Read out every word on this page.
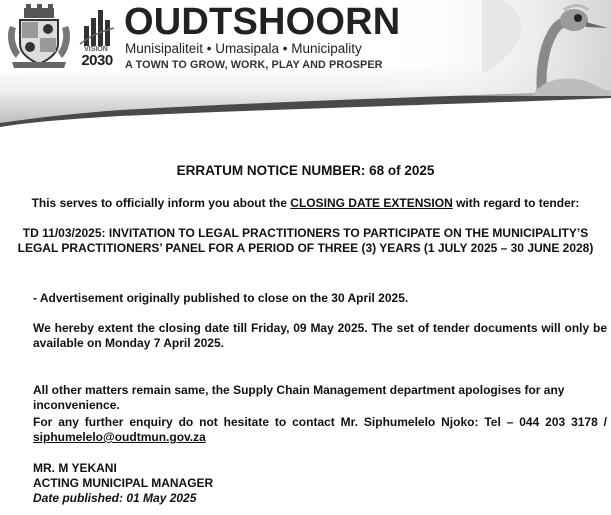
VISION
2030
OUDTSHOORN
Munisipaliteit • Umasipala • Municipality
A TOWN TO GROW, WORK, PLAY AND PROSPER

ERRATUM NOTICE NUMBER: 68 of 2025

This serves to officially inform you about the CLOSING DATE EXTENSION with regard to tender:

TD 11/03/2025: INVITATION TO LEGAL PRACTITIONERS TO PARTICIPATE ON THE MUNICIPALITY’S
LEGAL PRACTITIONERS’ PANEL FOR A PERIOD OF THREE (3) YEARS (1 JULY 2025 – 30 JUNE 2028)

- Advertisement originally published to close on the 30 April 2025.

We hereby extent the closing date till Friday, 09 May 2025. The set of tender documents will only be available on Monday 7 April 2025.

All other matters remain same, the Supply Chain Management department apologises for any inconvenience.

For any further enquiry do not hesitate to contact Mr. Siphumelelo Njoko: Tel – 044 203 3178 / siphumelelo@oudtmun.gov.za
MR. M YEKANI
ACTING MUNICIPAL MANAGER
Date published: 01 May 2025
